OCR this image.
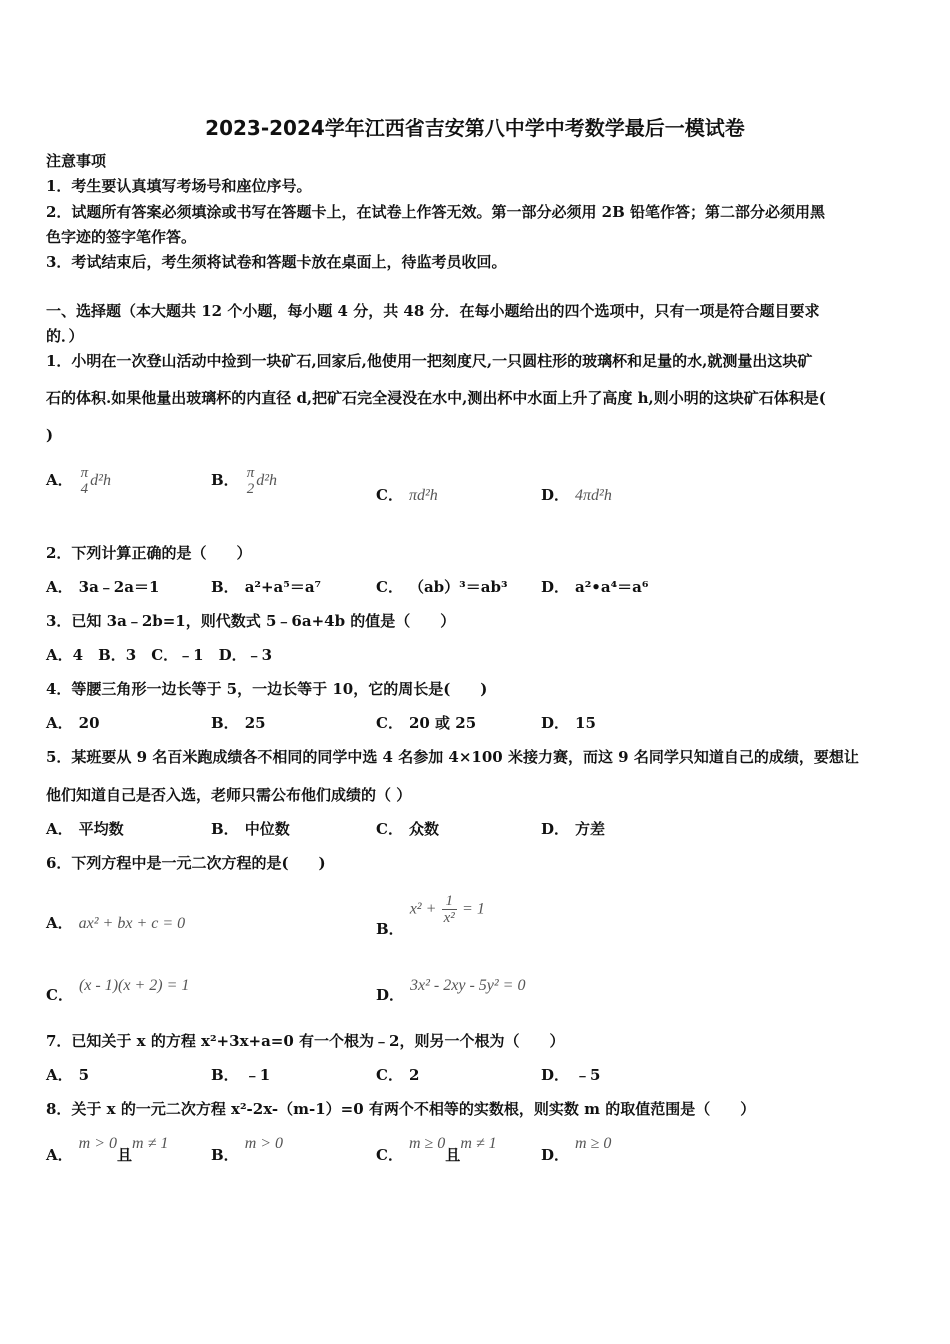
2023-2024学年江西省吉安第八中学中考数学最后一模试卷
注意事项
1．考生要认真填写考场号和座位序号。
2．试题所有答案必须填涂或书写在答题卡上，在试卷上作答无效。第一部分必须用 2B 铅笔作答；第二部分必须用黑
色字迹的签字笔作答。
3．考试结束后，考生须将试卷和答题卡放在桌面上，待监考员收回。
一、选择题（本大题共 12 个小题，每小题 4 分，共 48 分．在每小题给出的四个选项中，只有一项是符合题目要求
的．）
1．小明在一次登山活动中捡到一块矿石,回家后,他使用一把刻度尺,一只圆柱形的玻璃杯和足量的水,就测量出这块矿
石的体积.如果他量出玻璃杯的内直径 d,把矿石完全浸没在水中,测出杯中水面上升了高度 h,则小明的这块矿石体积是(
)
A． π
4 d²h	B． π
2 d²h
C． πd²h	D． 4πd²h
2．下列计算正确的是（　　）
A． 3a﹣2a＝1	B． a²+a⁵＝a⁷	C． （ab）³＝ab³ D． a²•a⁴＝a⁶
3．已知 3a﹣2b=1，则代数式 5﹣6a+4b 的值是（　　）
A．4　B．3　C．﹣1　D．﹣3
4．等腰三角形一边长等于 5，一边长等于 10，它的周长是(　　)
A． 20	B． 25	C． 20 或 25	D． 15
5．某班要从 9 名百米跑成绩各不相同的同学中选 4 名参加 4×100 米接力赛，而这 9 名同学只知道自己的成绩，要想让
他们知道自己是否入选，老师只需公布他们成绩的（ ）
A． 平均数	B． 中位数	C． 众数	D． 方差
6．下列方程中是一元二次方程的是(　　)
A． ax² + bx + c = 0	B．$x^2 + \frac{1}{\text{x²}} = 1$
C．(x - 1)(x + 2) = 1
D．3x² - 2xy - 5y² = 0
7．已知关于 x 的方程 x²+3x+a=0 有一个根为﹣2，则另一个根为（　　）
A． 5	B． ﹣1	C． 2	D． ﹣5
8．关于 x 的一元二次方程 x²-2x-（m-1）=0 有两个不相等的实数根，则实数 m 的取值范围是（　　）
A．m > 0且m ≠ 1
B．m > 0
C．m ≥ 0且m ≠ 1
D．m ≥ 0
